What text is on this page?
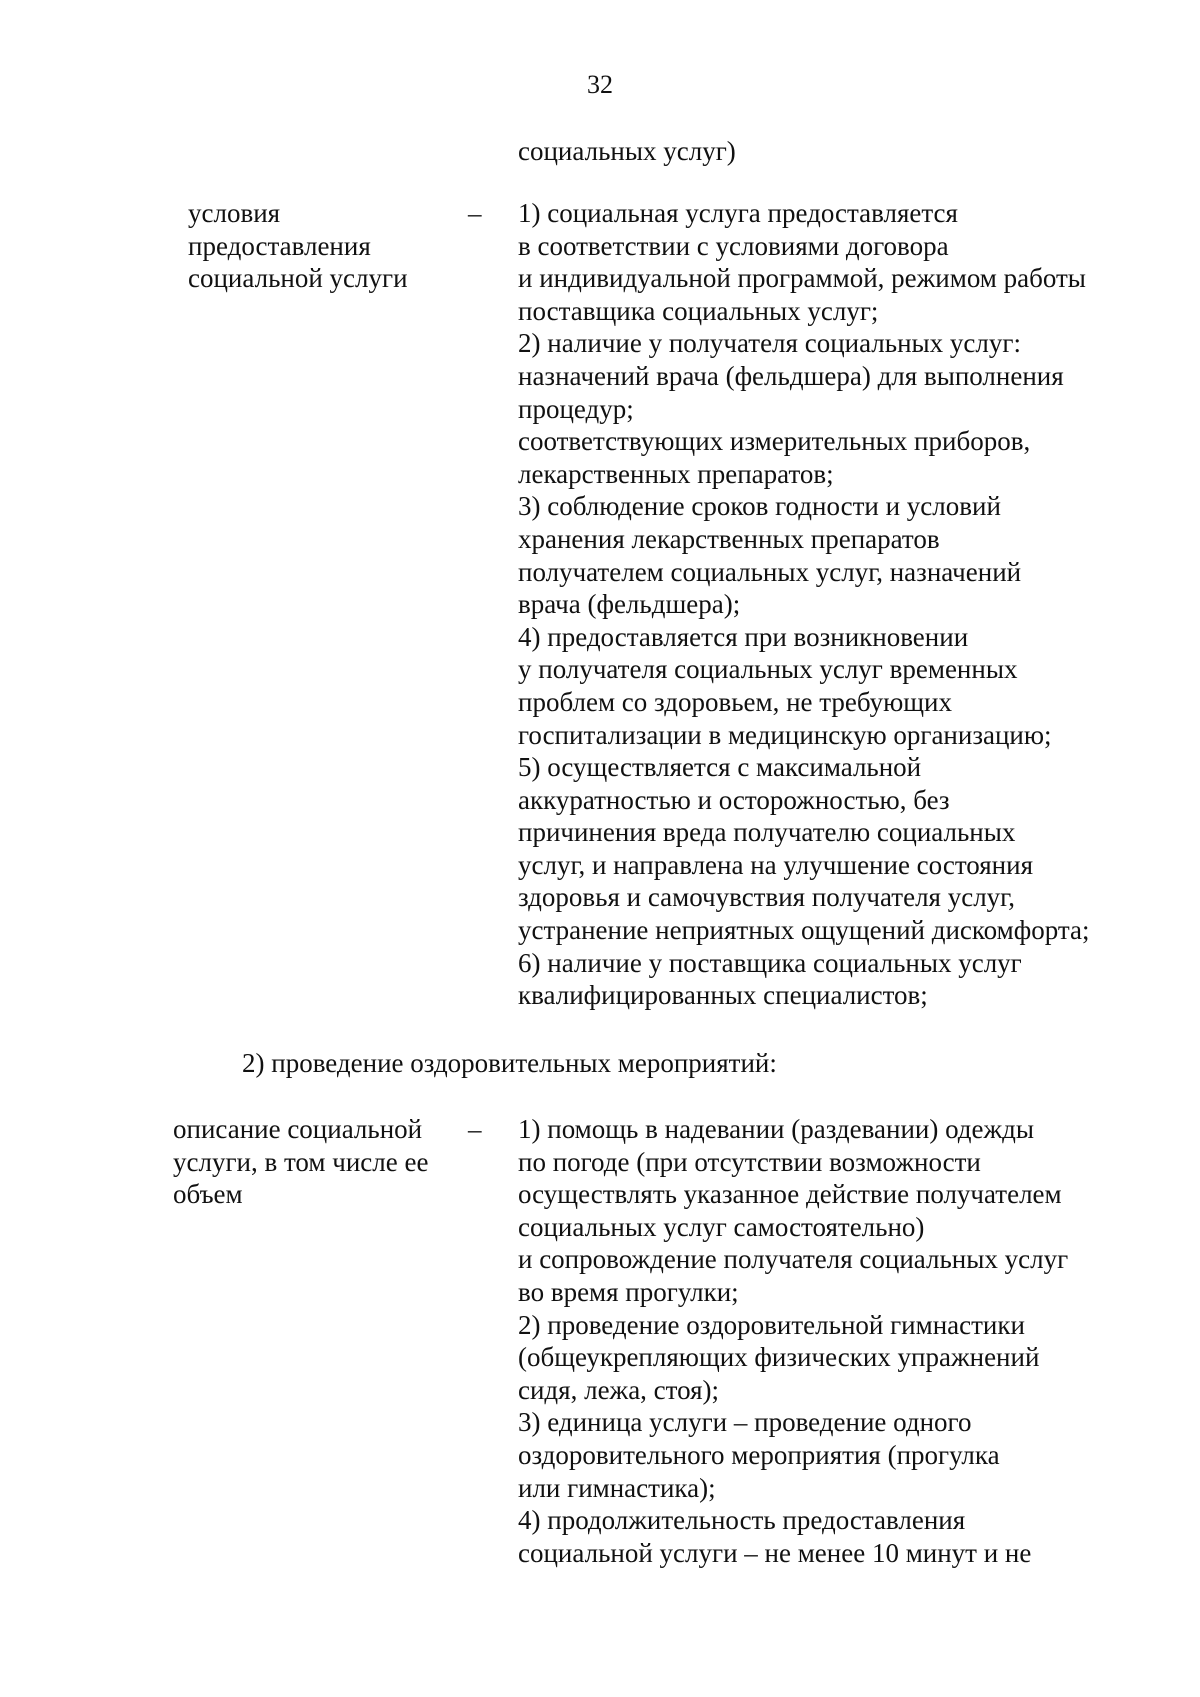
32
социальных услуг)
условия
предоставления
социальной услуги
– 1) социальная услуга предоставляется
в соответствии с условиями договора
и индивидуальной программой, режимом работы
поставщика социальных услуг;
2) наличие у получателя социальных услуг:
назначений врача (фельдшера) для выполнения
процедур;
соответствующих измерительных приборов,
лекарственных препаратов;
3) соблюдение сроков годности и условий
хранения лекарственных препаратов
получателем социальных услуг, назначений
врача (фельдшера);
4) предоставляется при возникновении
у получателя социальных услуг временных
проблем со здоровьем, не требующих
госпитализации в медицинскую организацию;
5) осуществляется с максимальной
аккуратностью и осторожностью, без
причинения вреда получателю социальных
услуг, и направлена на улучшение состояния
здоровья и самочувствия получателя услуг,
устранение неприятных ощущений дискомфорта;
6) наличие у поставщика социальных услуг
квалифицированных специалистов;
2) проведение оздоровительных мероприятий:
описание социальной
услуги, в том числе ее
объем
– 1) помощь в надевании (раздевании) одежды
по погоде (при отсутствии возможности
осуществлять указанное действие получателем
социальных услуг самостоятельно)
и сопровождение получателя социальных услуг
во время прогулки;
2) проведение оздоровительной гимнастики
(общеукрепляющих физических упражнений
сидя, лежа, стоя);
3) единица услуги – проведение одного
оздоровительного мероприятия (прогулка
или гимнастика);
4) продолжительность предоставления
социальной услуги – не менее 10 минут и не
